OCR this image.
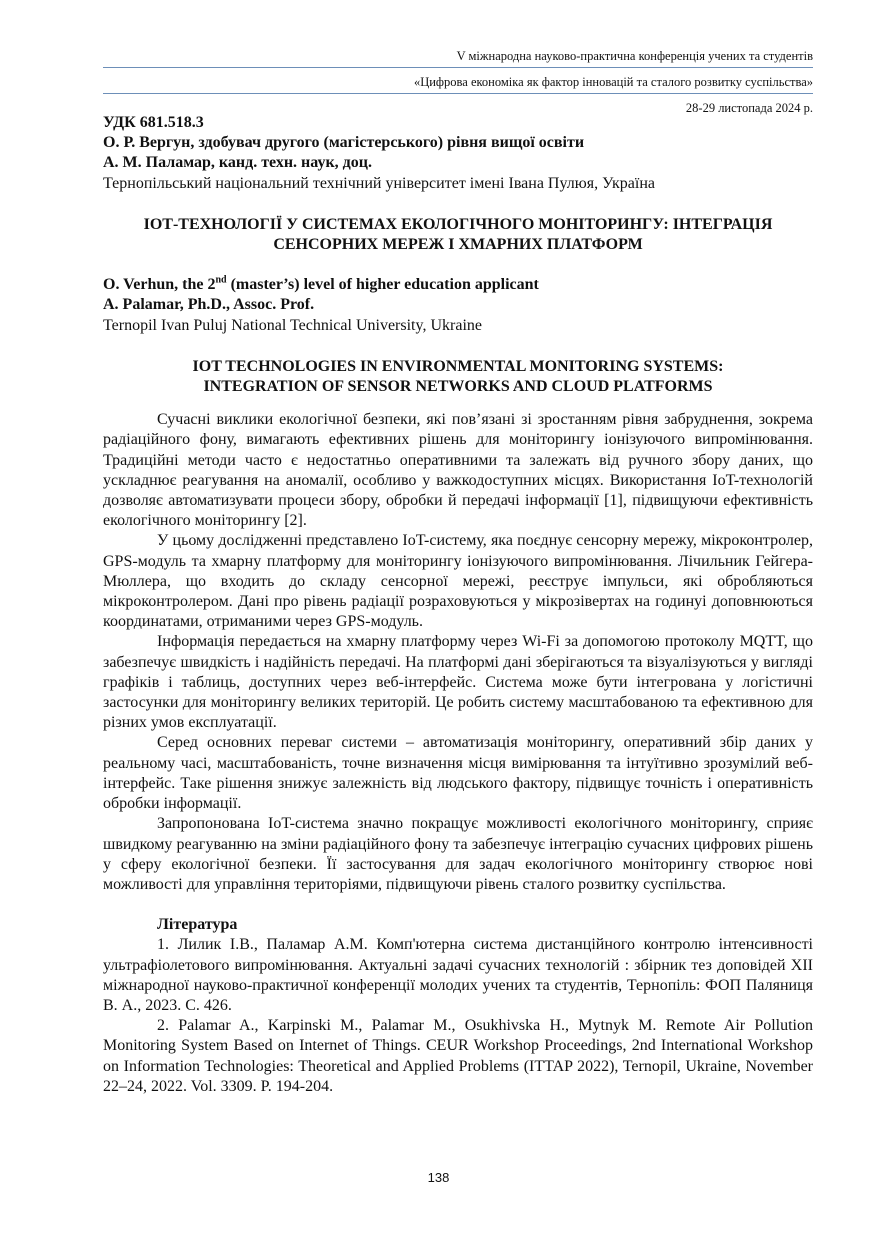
V міжнародна науково-практична конференція учених та студентів
«Цифрова економіка як фактор інновацій та сталого розвитку суспільства»
28-29 листопада 2024 р.
УДК 681.518.3
О. Р. Вергун, здобувач другого (магістерського) рівня вищої освіти
А. М. Паламар, канд. техн. наук, доц.
Тернопільський національний технічний університет імені Івана Пулюя, Україна
ІОТ-ТЕХНОЛОГІЇ У СИСТЕМАХ ЕКОЛОГІЧНОГО МОНІТОРИНГУ: ІНТЕГРАЦІЯ
СЕНСОРНИХ МЕРЕЖ І ХМАРНИХ ПЛАТФОРМ
O. Verhun, the 2nd (master’s) level of higher education applicant
A. Palamar, Ph.D., Assoc. Prof.
Ternopil Ivan Puluj National Technical University, Ukraine
IOT TECHNOLOGIES IN ENVIRONMENTAL MONITORING SYSTEMS:
INTEGRATION OF SENSOR NETWORKS AND CLOUD PLATFORMS

Сучасні виклики екологічної безпеки, які пов’язані зі зростанням рівня забруднення, зокрема радіаційного фону, вимагають ефективних рішень для моніторингу іонізуючого випромінювання. Традиційні методи часто є недостатньо оперативними та залежать від ручного збору даних, що ускладнює реагування на аномалії, особливо у важкодоступних місцях. Використання IoT-технологій дозволяє автоматизувати процеси збору, обробки й передачі інформації [1], підвищуючи ефективність екологічного моніторингу [2].

У цьому дослідженні представлено IoT-систему, яка поєднує сенсорну мережу, мікроконтролер, GPS-модуль та хмарну платформу для моніторингу іонізуючого випромінювання. Лічильник Гейгера-Мюллера, що входить до складу сенсорної мережі, реєструє імпульси, які обробляються мікроконтролером. Дані про рівень радіації розраховуються у мікрозівертах на годинуі доповнюються координатами, отриманими через GPS-модуль.

Інформація передається на хмарну платформу через Wi-Fi за допомогою протоколу MQTT, що забезпечує швидкість і надійність передачі. На платформі дані зберігаються та візуалізуються у вигляді графіків і таблиць, доступних через веб-інтерфейс. Система може бути інтегрована у логістичні застосунки для моніторингу великих територій. Це робить систему масштабованою та ефективною для різних умов експлуатації.

Серед основних переваг системи – автоматизація моніторингу, оперативний збір даних у реальному часі, масштабованість, точне визначення місця вимірювання та інтуїтивно зрозумілий веб-інтерфейс. Таке рішення знижує залежність від людського фактору, підвищує точність і оперативність обробки інформації.

Запропонована IoT-система значно покращує можливості екологічного моніторингу, сприяє швидкому реагуванню на зміни радіаційного фону та забезпечує інтеграцію сучасних цифрових рішень у сферу екологічної безпеки. Її застосування для задач екологічного моніторингу створює нові можливості для управління територіями, підвищуючи рівень сталого розвитку суспільства.

Література

1. Лилик І.В., Паламар А.М. Комп'ютерна система дистанційного контролю інтенсивності ультрафіолетового випромінювання. Актуальні задачі сучасних технологій : збірник тез доповідей XII міжнародної науково-практичної конференції молодих учених та студентів, Тернопіль: ФОП Паляниця В. А., 2023. С. 426.

2. Palamar A., Karpinski M., Palamar M., Osukhivska H., Mytnyk M. Remote Air Pollution Monitoring System Based on Internet of Things. CEUR Workshop Proceedings, 2nd International Workshop on Information Technologies: Theoretical and Applied Problems (ITTAP 2022), Ternopil, Ukraine, November 22–24, 2022. Vol. 3309. P. 194-204.

138
